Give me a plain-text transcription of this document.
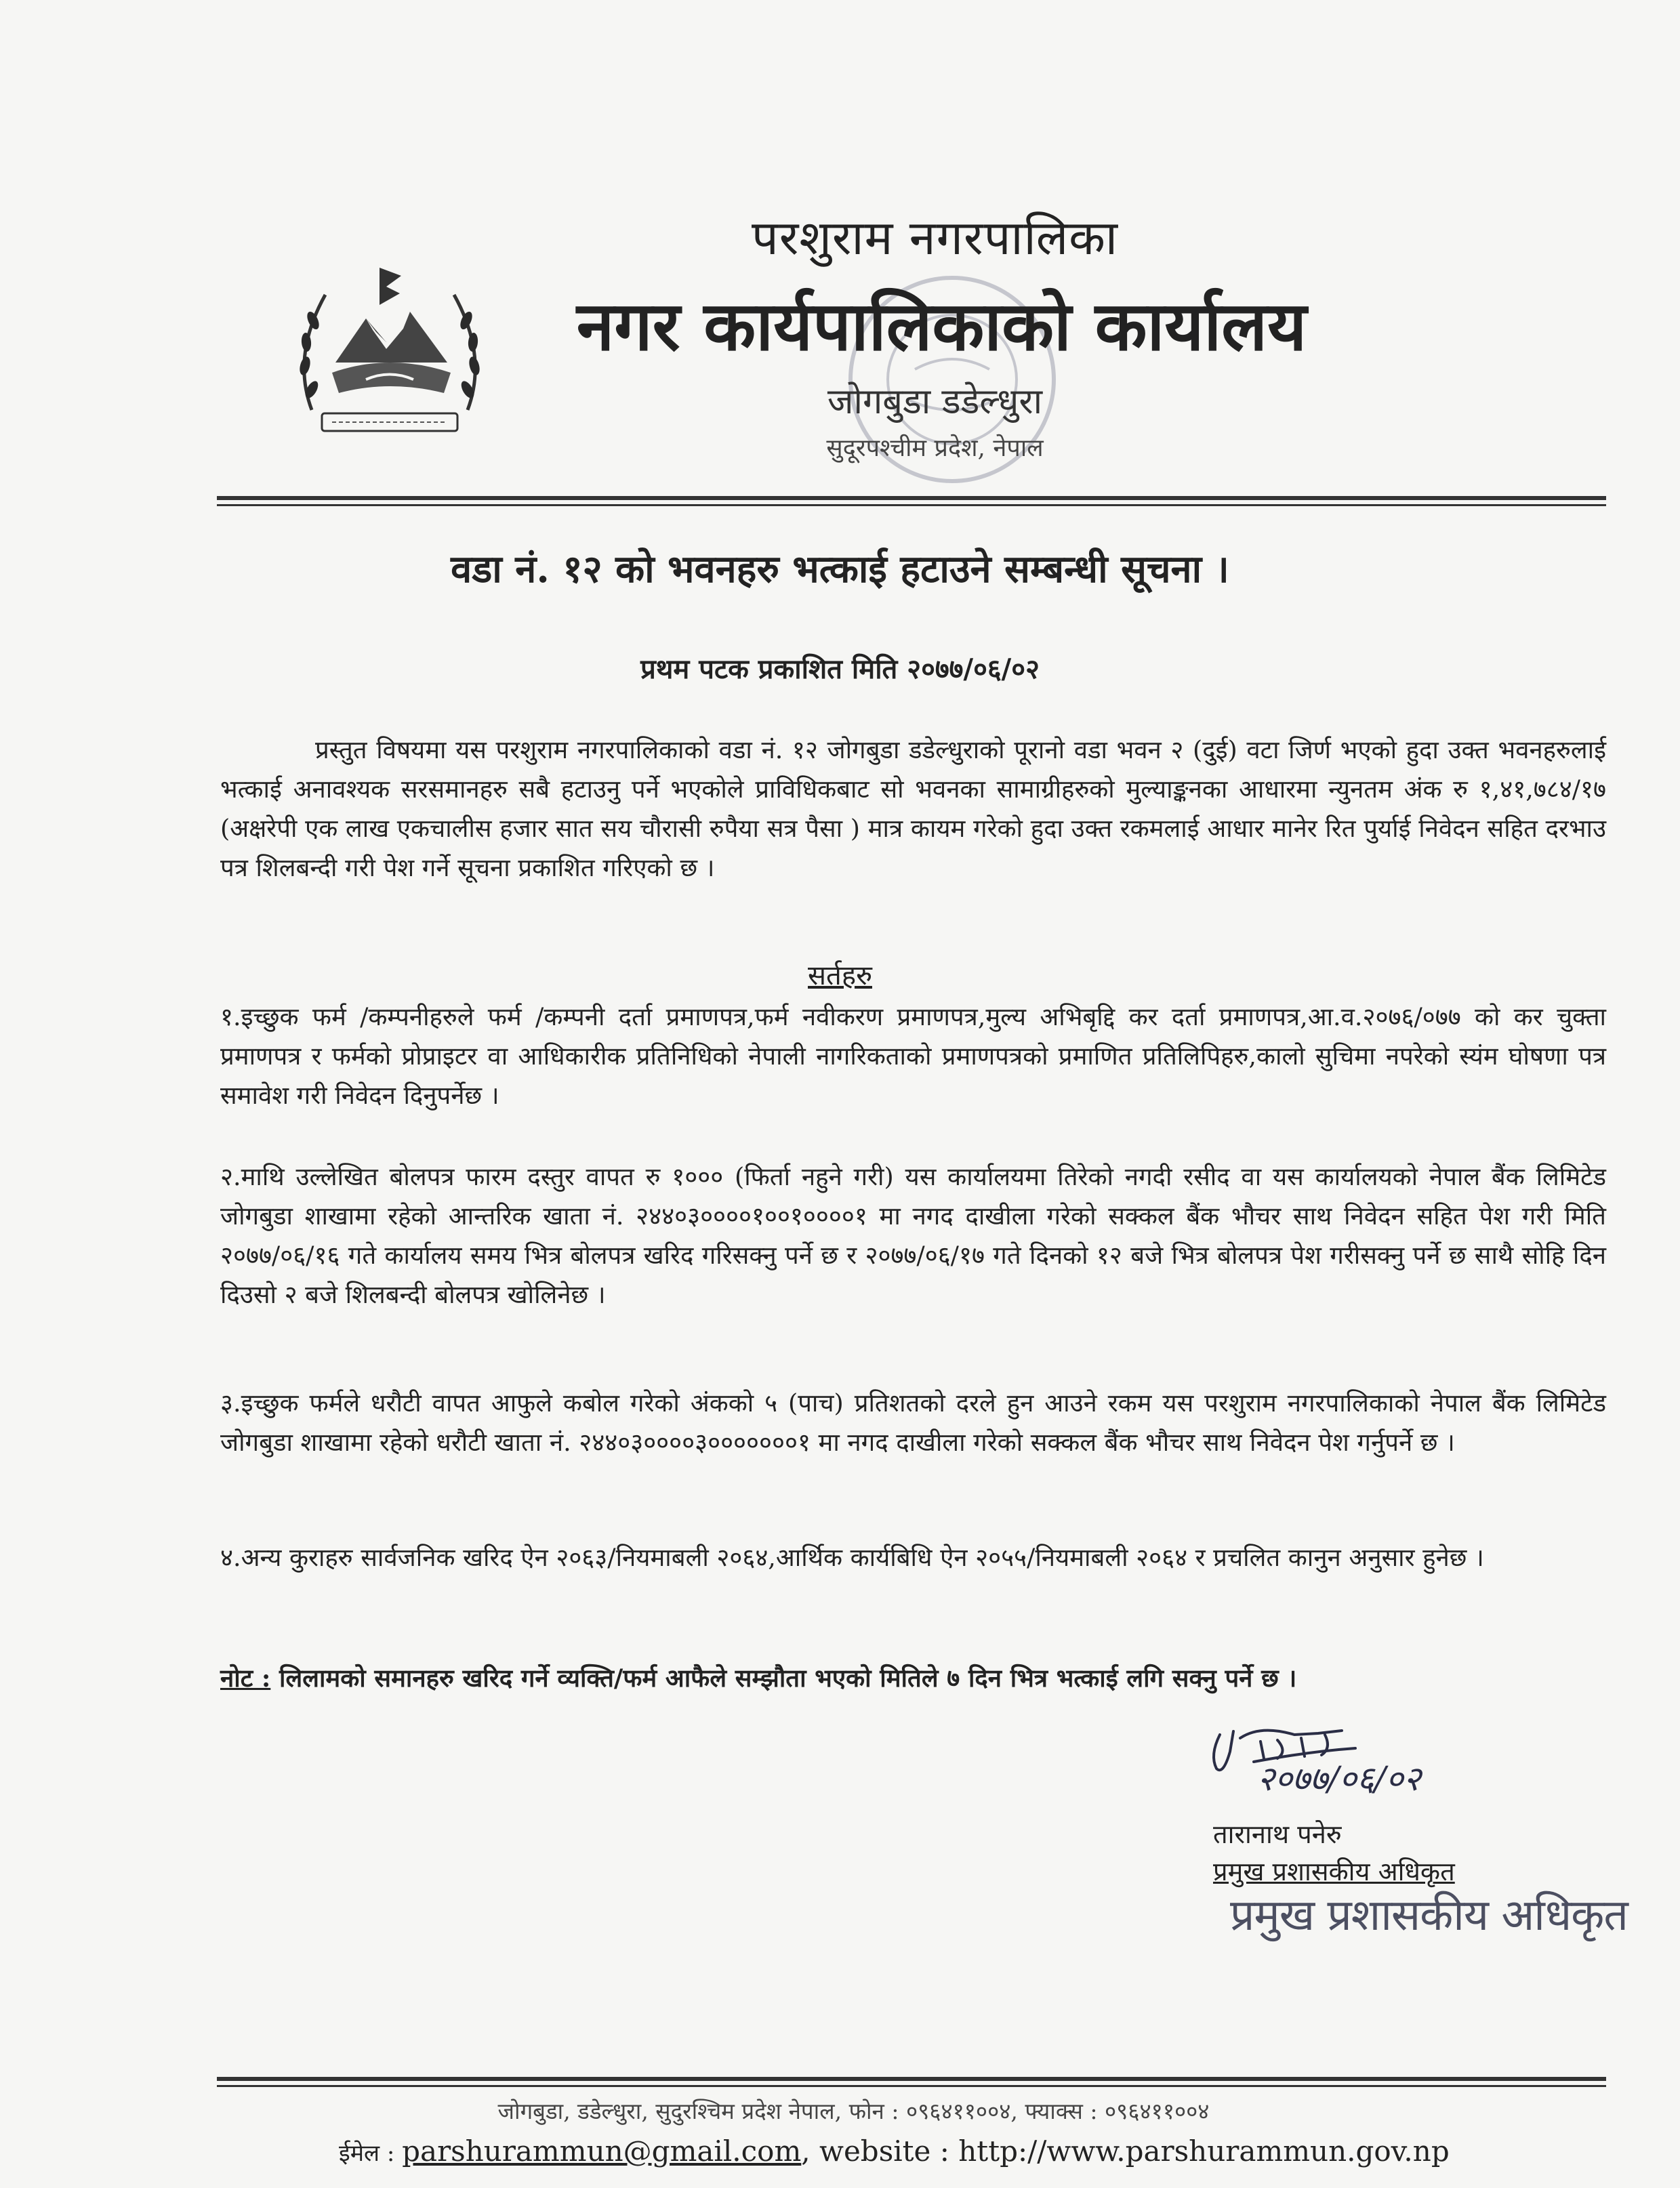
परशुराम नगरपालिका
नगर कार्यपालिकाको कार्यालय
जोगबुडा डडेल्धुरा
सुदूरपश्चीम प्रदेश, नेपाल
वडा नं. १२ को भवनहरु भत्काई हटाउने सम्बन्धी सूचना ।
प्रथम पटक प्रकाशित मिति २०७७/०६/०२
प्रस्तुत विषयमा यस परशुराम नगरपालिकाको वडा नं. १२ जोगबुडा डडेल्धुराको पूरानो वडा भवन २ (दुई) वटा जिर्ण भएको हुदा उक्त भवनहरुलाई भत्काई अनावश्यक सरसमानहरु सबै हटाउनु पर्ने भएकोले प्राविधिकबाट सो भवनका सामाग्रीहरुको मुल्याङ्कनका आधारमा न्युनतम अंक रु १,४१,७८४/१७ (अक्षरेपी एक लाख एकचालीस हजार सात सय चौरासी रुपैया सत्र पैसा ) मात्र कायम गरेको हुदा उक्त रकमलाई आधार मानेर रित पुर्याई निवेदन सहित दरभाउ पत्र शिलबन्दी गरी पेश गर्ने सूचना प्रकाशित गरिएको छ ।
सर्तहरु
१.इच्छुक फर्म /कम्पनीहरुले फर्म /कम्पनी दर्ता प्रमाणपत्र,फर्म नवीकरण प्रमाणपत्र,मुल्य अभिबृद्दि कर दर्ता प्रमाणपत्र,आ.व.२०७६/०७७ को कर चुक्ता प्रमाणपत्र र फर्मको प्रोप्राइटर वा आधिकारीक प्रतिनिधिको नेपाली नागरिकताको प्रमाणपत्रको प्रमाणित प्रतिलिपिहरु,कालो सुचिमा नपरेको स्यंम घोषणा पत्र समावेश गरी निवेदन दिनुपर्नेछ ।
२.माथि उल्लेखित बोलपत्र फारम दस्तुर वापत रु १००० (फिर्ता नहुने गरी) यस कार्यालयमा तिरेको नगदी रसीद वा यस कार्यालयको नेपाल बैंक लिमिटेड जोगबुडा शाखामा रहेको आन्तरिक खाता नं. २४४०३००००१००१००००१ मा नगद दाखीला गरेको सक्कल बैंक भौचर साथ निवेदन सहित पेश गरी मिति २०७७/०६/१६ गते कार्यालय समय भित्र बोलपत्र खरिद गरिसक्नु पर्ने छ र २०७७/०६/१७ गते दिनको १२ बजे भित्र बोलपत्र पेश गरीसक्नु पर्ने छ साथै सोहि दिन दिउसो २ बजे शिलबन्दी बोलपत्र खोलिनेछ ।
३.इच्छुक फर्मले धरौटी वापत आफुले कबोल गरेको अंकको ५ (पाच) प्रतिशतको दरले हुन आउने रकम यस परशुराम नगरपालिकाको नेपाल बैंक लिमिटेड जोगबुडा शाखामा रहेको धरौटी खाता नं. २४४०३००००३०००००००१ मा नगद दाखीला गरेको सक्कल बैंक भौचर साथ निवेदन पेश गर्नुपर्ने छ ।
४.अन्य कुराहरु सार्वजनिक खरिद ऐन २०६३/नियमाबली २०६४,आर्थिक कार्यबिधि ऐन २०५५/नियमाबली २०६४ र प्रचलित कानुन अनुसार हुनेछ ।
नोट : लिलामको समानहरु खरिद गर्ने व्यक्ति/फर्म आफैले सम्झौता भएको मितिले ७ दिन भित्र भत्काई लगि सक्नु पर्ने छ ।
२०७७/०६/०२
तारानाथ पनेरु
प्रमुख प्रशासकीय अधिकृत
प्रमुख प्रशासकीय अधिकृत
जोगबुडा, डडेल्धुरा, सुदुरश्चिम प्रदेश नेपाल, फोन : ०९६४११००४, फ्याक्स : ०९६४११००४
ईमेल : parshurammun@gmail.com, website : http://www.parshurammun.gov.np
